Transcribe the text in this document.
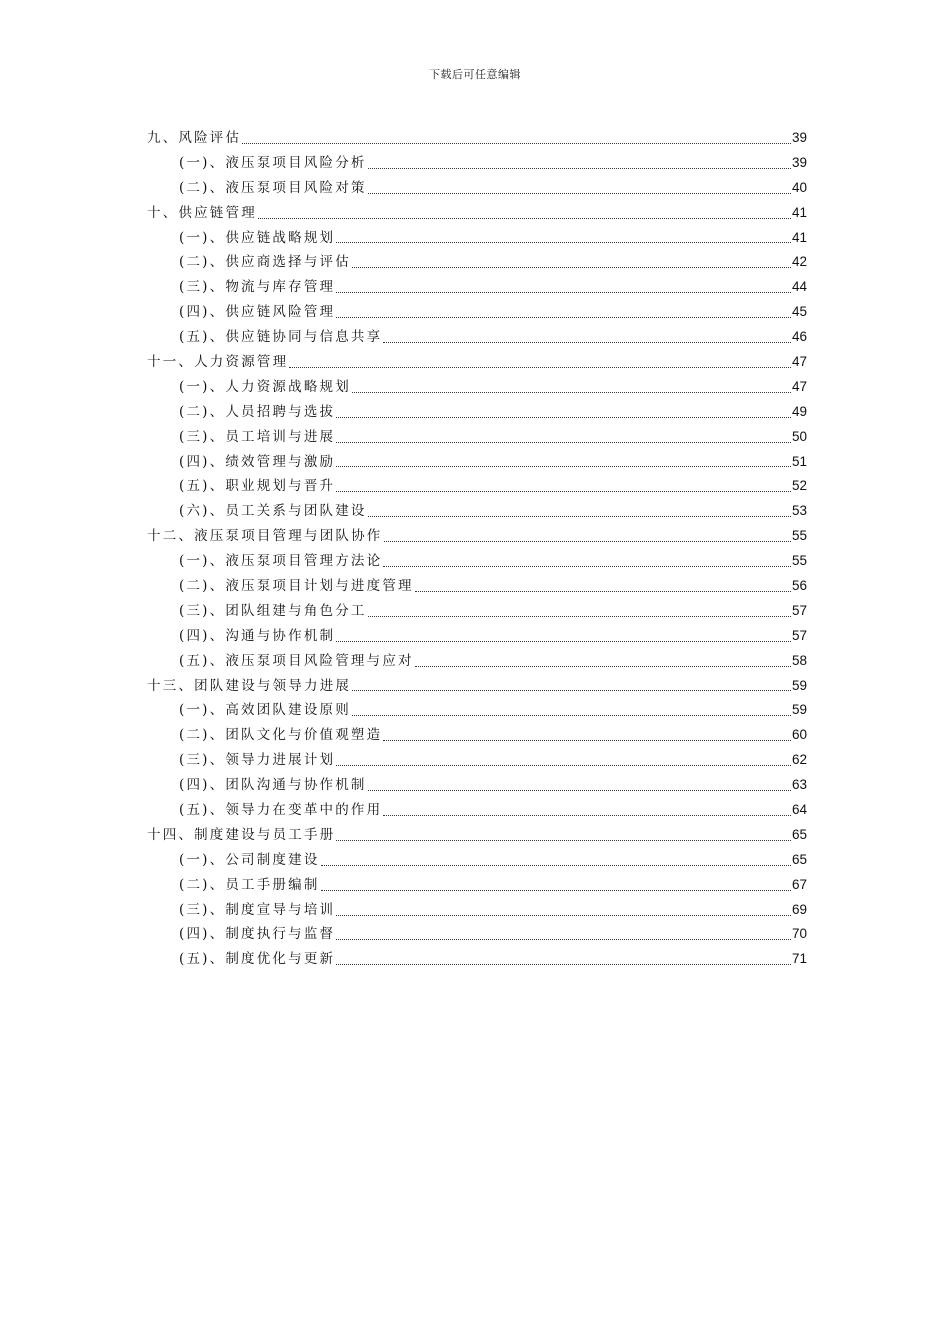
下载后可任意编辑
九、风险评估	39
(一)、液压泵项目风险分析	39
(二)、液压泵项目风险对策	40
十、供应链管理	41
(一)、供应链战略规划	41
(二)、供应商选择与评估	42
(三)、物流与库存管理	44
(四)、供应链风险管理	45
(五)、供应链协同与信息共享	46
十一、人力资源管理	47
(一)、人力资源战略规划	47
(二)、人员招聘与选拔	49
(三)、员工培训与进展	50
(四)、绩效管理与激励	51
(五)、职业规划与晋升	52
(六)、员工关系与团队建设	53
十二、液压泵项目管理与团队协作	55
(一)、液压泵项目管理方法论	55
(二)、液压泵项目计划与进度管理	56
(三)、团队组建与角色分工	57
(四)、沟通与协作机制	57
(五)、液压泵项目风险管理与应对	58
十三、团队建设与领导力进展	59
(一)、高效团队建设原则	59
(二)、团队文化与价值观塑造	60
(三)、领导力进展计划	62
(四)、团队沟通与协作机制	63
(五)、领导力在变革中的作用	64
十四、制度建设与员工手册	65
(一)、公司制度建设	65
(二)、员工手册编制	67
(三)、制度宣导与培训	69
(四)、制度执行与监督	70
(五)、制度优化与更新	71
